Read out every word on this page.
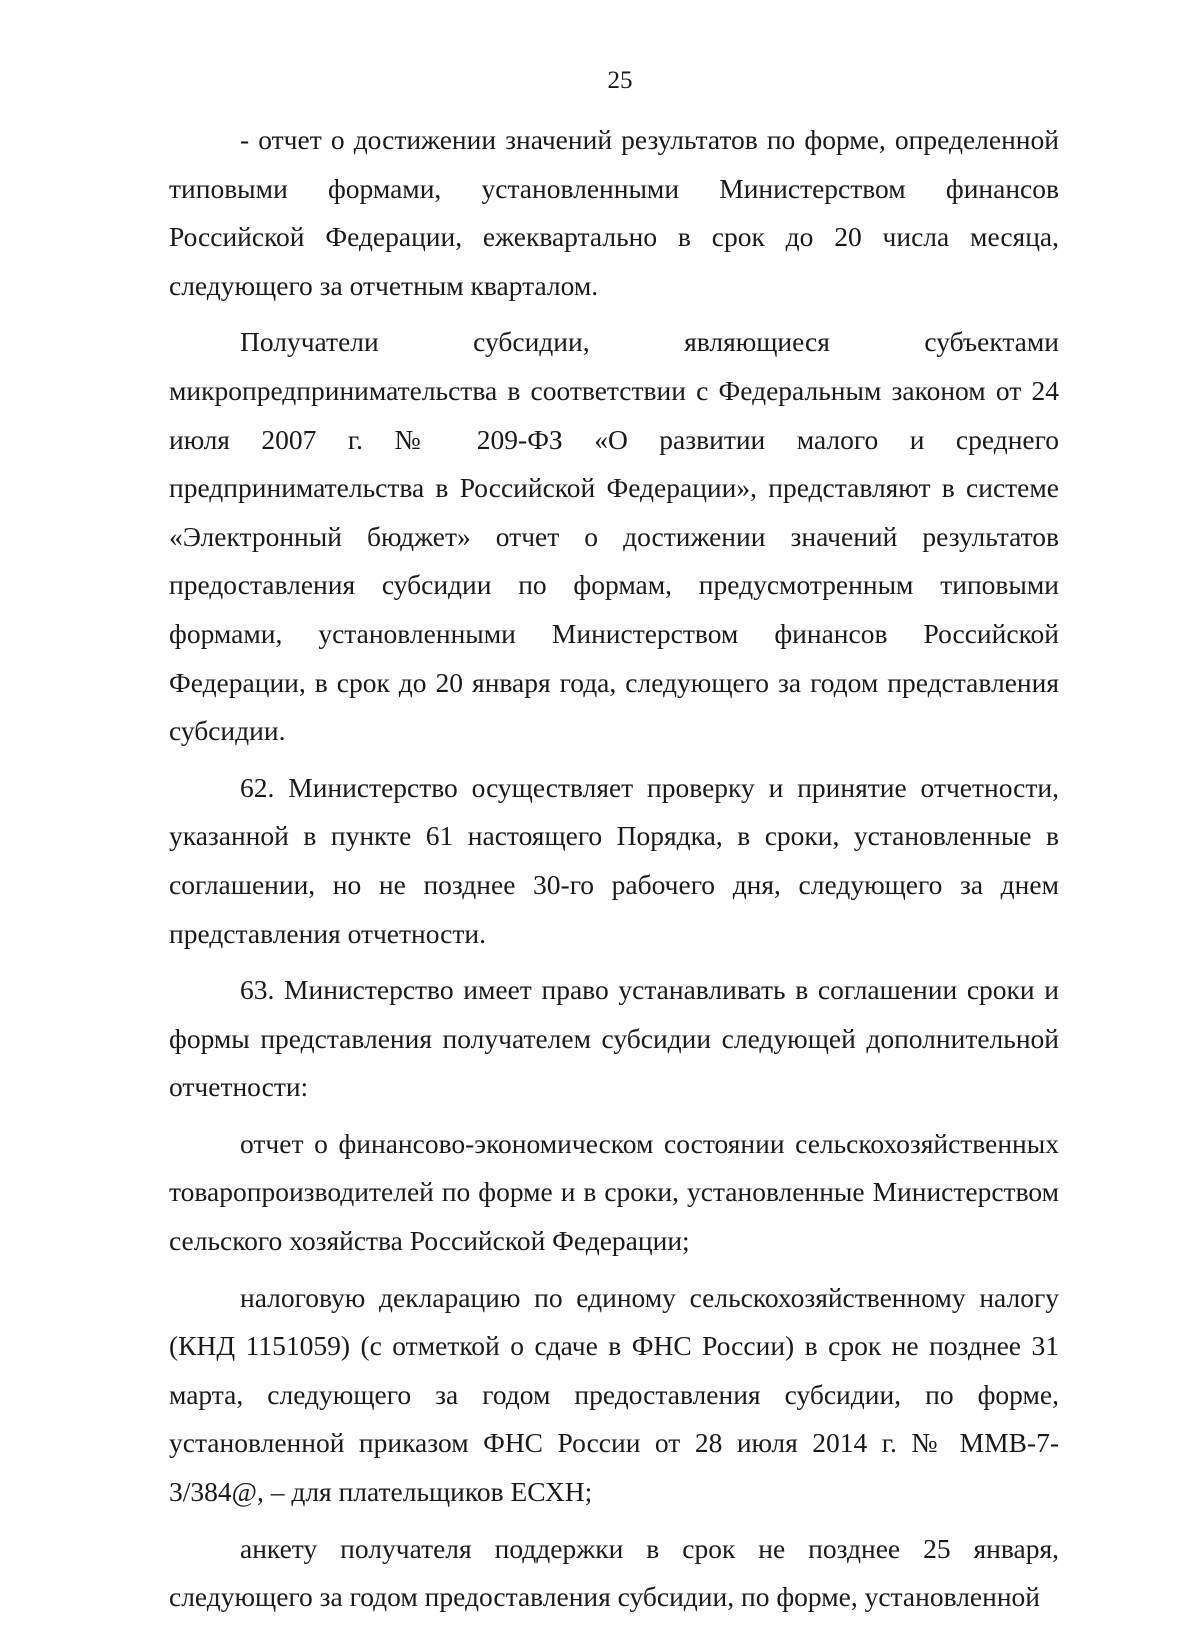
25

- отчет о достижении значений результатов по форме, определенной типовыми формами, установленными Министерством финансов Российской Федерации, ежеквартально в срок до 20 числа месяца, следующего за отчетным кварталом.

Получатели субсидии, являющиеся субъектами микропредпринимательства в соответствии с Федеральным законом от 24 июля 2007 г. № 209-ФЗ «О развитии малого и среднего предпринимательства в Российской Федерации», представляют в системе «Электронный бюджет» отчет о достижении значений результатов предоставления субсидии по формам, предусмотренным типовыми формами, установленными Министерством финансов Российской Федерации, в срок до 20 января года, следующего за годом представления субсидии.

62. Министерство осуществляет проверку и принятие отчетности, указанной в пункте 61 настоящего Порядка, в сроки, установленные в соглашении, но не позднее 30-го рабочего дня, следующего за днем представления отчетности.

63. Министерство имеет право устанавливать в соглашении сроки и формы представления получателем субсидии следующей дополнительной отчетности:

отчет о финансово-экономическом состоянии сельскохозяйственных товаропроизводителей по форме и в сроки, установленные Министерством сельского хозяйства Российской Федерации;

налоговую декларацию по единому сельскохозяйственному налогу (КНД 1151059) (с отметкой о сдаче в ФНС России) в срок не позднее 31 марта, следующего за годом предоставления субсидии, по форме, установленной приказом ФНС России от 28 июля 2014 г. № ММВ-7-3/384@, – для плательщиков ЕСХН;

анкету получателя поддержки в срок не позднее 25 января, следующего за годом предоставления субсидии, по форме, установленной
